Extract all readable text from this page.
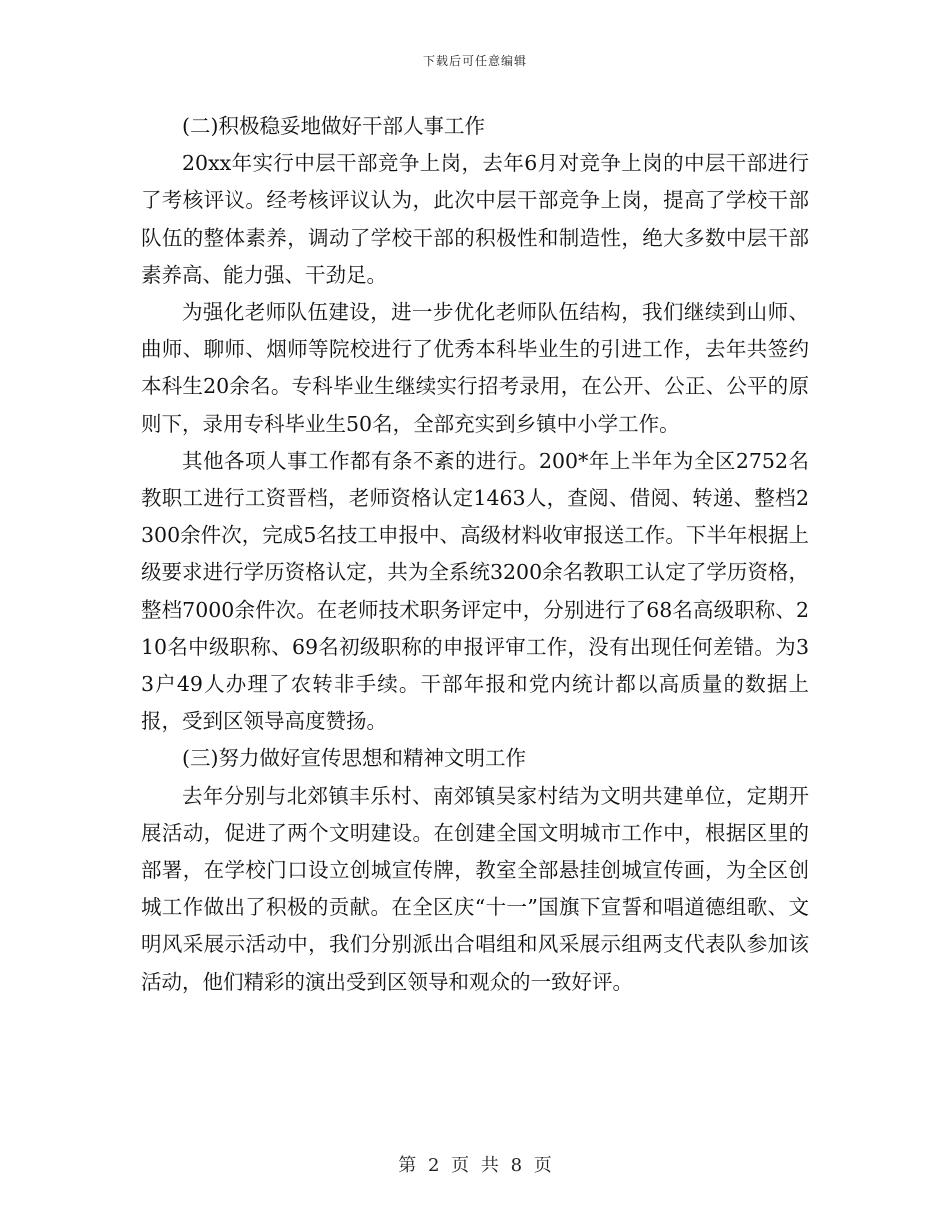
下载后可任意编辑

(二)积极稳妥地做好干部人事工作

20xx年实行中层干部竞争上岗，去年6月对竞争上岗的中层干部进行了考核评议。经考核评议认为，此次中层干部竞争上岗，提高了学校干部队伍的整体素养，调动了学校干部的积极性和制造性，绝大多数中层干部素养高、能力强、干劲足。

为强化老师队伍建设，进一步优化老师队伍结构，我们继续到山师、曲师、聊师、烟师等院校进行了优秀本科毕业生的引进工作，去年共签约本科生20余名。专科毕业生继续实行招考录用，在公开、公正、公平的原则下，录用专科毕业生50名，全部充实到乡镇中小学工作。

其他各项人事工作都有条不紊的进行。200*年上半年为全区2752名教职工进行工资晋档，老师资格认定1463人，查阅、借阅、转递、整档2300余件次，完成5名技工申报中、高级材料收审报送工作。下半年根据上级要求进行学历资格认定，共为全系统3200余名教职工认定了学历资格，整档7000余件次。在老师技术职务评定中，分别进行了68名高级职称、210名中级职称、69名初级职称的申报评审工作，没有出现任何差错。为33户49人办理了农转非手续。干部年报和党内统计都以高质量的数据上报，受到区领导高度赞扬。

(三)努力做好宣传思想和精神文明工作

去年分别与北郊镇丰乐村、南郊镇吴家村结为文明共建单位，定期开展活动，促进了两个文明建设。在创建全国文明城市工作中，根据区里的部署，在学校门口设立创城宣传牌，教室全部悬挂创城宣传画，为全区创城工作做出了积极的贡献。在全区庆“十一”国旗下宣誓和唱道德组歌、文明风采展示活动中，我们分别派出合唱组和风采展示组两支代表队参加该活动，他们精彩的演出受到区领导和观众的一致好评。

第 2 页 共 8 页
